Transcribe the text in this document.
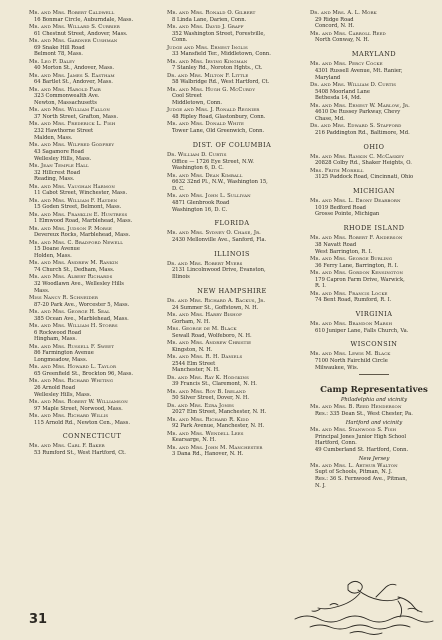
Mr. and Mrs. Robert Caldwell
16 Bonmar Circle, Auburndale, Mass.
Mr. and Mrs. Willard S. Currier
61 Chestnut Street, Andover, Mass.
Mr. and Mrs. Gardner Cushman
69 Snake Hill Road
Belmont 78, Mass.
Mr. Leo F. Daley
40 Morton St., Andover, Mass.
Mr. and Mrs. James S. Eastham
64 Bartlet St., Andover, Mass.
Mr. and Mrs. Harold Fair
323 Commonwealth Ave.
Newton, Massachusetts
Mr. and Mrs. William Fallon
37 North Street, Grafton, Mass.
Mr. and Mrs. Frederick L. Fish
232 Hawthorne Street
Malden, Mass.
Mr. and Mrs. Wilfred Godfrey
43 Sagamore Road
Wellesley Hills, Mass.
Mr. Jean Temple Hall
32 Hillcrest Road
Reading, Mass.
Mr. and Mrs. Vaughan Harmon
11 Cabot Street, Winchester, Mass.
Mr. and Mrs. William F. Hayden
15 Goden Street, Belmont, Mass.
Mr. and Mrs. Franklin E. Huntress
1 Elmwood Road, Marblehead, Mass.
Mr. and Mrs. Judson P. Morse
Devereux Rocks, Marblehead, Mass.
Mr. and Mrs. C. Bradford Newell
15 Doane Avenue
Holden, Mass.
Mr. and Mrs. Andrew M. Rankin
74 Church St., Dedham, Mass.
Mr. and Mrs. Albert Richards
32 Woodlawn Ave., Wellesley Hills
Mass.
Miss Nancy R. Schneider
87-20 Park Ave., Worcester 5, Mass.
Mr. and Mrs. George H. Seal
385 Ocean Ave., Marblehead, Mass.
Mr. and Mrs. William H. Storrs
6 Rockwood Road
Hingham, Mass.
Mr. and Mrs. Russell F. Sweet
86 Farmington Avenue
Longmeadow, Mass.
Mr. and Mrs. Howard L. Taylor
65 Greenfield St., Brockton 96, Mass.
Mr. and Mrs. Richard Whiting
26 Arnold Road
Wellesley Hills, Mass.
Mr. and Mrs. Robert W. Williamson
97 Maple Street, Norwood, Mass.
Mr. and Mrs. Richard Willis
115 Arnold Rd., Newton Cen., Mass.
CONNECTICUT
Mr. and Mrs. Carl F. Baker
53 Rumford St., West Hartford, Ct.
Mr. and Mrs. Ronald O. Gilbert
8 Linda Lane, Darien, Conn.
Mr. and Mrs. David J. Graff
352 Washington Street, Forestville,
Conn.
Judge and Mrs. Ernest Inglis
33 Mansfield Ter., Middletown, Conn.
Mr. and Mrs. Irving Kingman
7 Stanley Rd., Noroton Hghts., Ct.
Dr. and Mrs. Milton F. Little
58 Walbridge Rd., West Hartford, Ct.
Mr. and Mrs. Hugh G. McCurdy
Cool Street
Middletown, Conn.
Judge and Mrs. J. Ronald Regnier
48 Ripley Road, Glastonbury, Conn.
Mr. and Mrs. Donald White
Tower Lane, Old Greenwich, Conn.
DIST. OF COLUMBIA
Dr. William D. Curtis
Office — 1726 Eye Street, N.W.
Washington 6, D. C.
Mr. and Mrs. Dean Kimball
6632 32nd Pl., N.W., Washington 15,
D. C.
Mr. and Mrs. John L. Sullivan
4871 Glenbrook Road
Washington 16, D. C.
FLORIDA
Mr. and Mrs. Sydney O. Chase, Jr.
2430 Mellonville Ave., Sanford, Fla.
ILLINOIS
Dr. and Mrs. Robert Myers
2131 Lincolnwood Drive, Evanston,
Illinois
NEW HAMPSHIRE
Dr. and Mrs. Richard A. Backus, Jr.
24 Summer St., Goffstown, N. H.
Mr. and Mrs. Harry Bishop
Gorham, N. H.
Mrs. George de M. Black
Sewall Road, Wolfeboro, N. H.
Mr. and Mrs. Andrew Christie
Kingston, N. H.
Mr. and Mrs. R. H. Daniels
2544 Elm Street
Manchester, N. H.
Dr. and Mrs. Ray K. Hodgkins
39 Francis St., Claremont, N. H.
Mr. and Mrs. Roy B. Ireland
50 Silver Street, Dover, N. H.
Dr. and Mrs. Ezra Jones
2027 Elm Street, Manchester, N. H.
Mr. and Mrs. Richard R. Kidd
92 Park Avenue, Manchester, N. H.
Mr. and Mrs. Wendell Lees
Kearsarge, N. H.
Mr. and Mrs. John M. Manchester
3 Dana Rd., Hanover, N. H.
Dr. and Mrs. A. L. Mork
29 Ridge Road
Concord, N. H.
Mr. and Mrs. Carroll Reed
North Conway, N. H.
MARYLAND
Mr. and Mrs. Percy Cocke
4301 Russell Avenue, Mt. Ranier,
Maryland
Dr. and Mrs. William D. Curtis
5408 Moorland Lane
Bethesda 14, Md.
Mr. and Mrs. Ernest W. Marlow, Jr.
4610 De Russey Parkway, Chevy
Chase, Md.
Dr. and Mrs. Edward S. Stafford
216 Paddington Rd., Baltimore, Md.
OHIO
Mr. and Mrs. Rankin C. McCaskey
20828 Colby Rd., Shaker Heights, O.
Mrs. Frith Morrill
3125 Paddock Road, Cincinnati, Ohio
MICHIGAN
Mr. and Mrs. L. Ebony Dearborn
1019 Bedford Road
Grosse Pointe, Michigan
RHODE ISLAND
Mr. and Mrs. Robert F. Anderson
38 Navatt Road
West Barrington, R. I.
Mr. and Mrs. George Burling
36 Ferry Lane, Barrington, R. I.
Mr. and Mrs. Gordon Kensington
179 Capron Farm Drive, Warwick,
R. I.
Mr. and Mrs. Francis Locke
74 Bent Road, Rumford, R. I.
VIRGINIA
Mr. and Mrs. Brandon Marsh
610 Juniper Lane, Falls Church, Va.
WISCONSIN
Mr. and Mrs. Lewis M. Black
7100 North Fairchild Circle
Milwaukee, Wis.
Camp Representatives
Philadelphia and vicinity
Mr. and Mrs. B. Reed Henderson
Res.: 335 Dean St., West Chester, Pa.
Hartford and vicinity
Mr. and Mrs. Stanwood S. Fish
Principal Jones Junior High School
Hartford, Conn.
49 Cumberland St. Hartford, Conn.
New Jersey
Mr. and Mrs. L. Arthur Walton
Supt of Schools, Pitman, N. J.
Res.: 36 S. Fernwood Ave., Pitman,
N. J.
31
